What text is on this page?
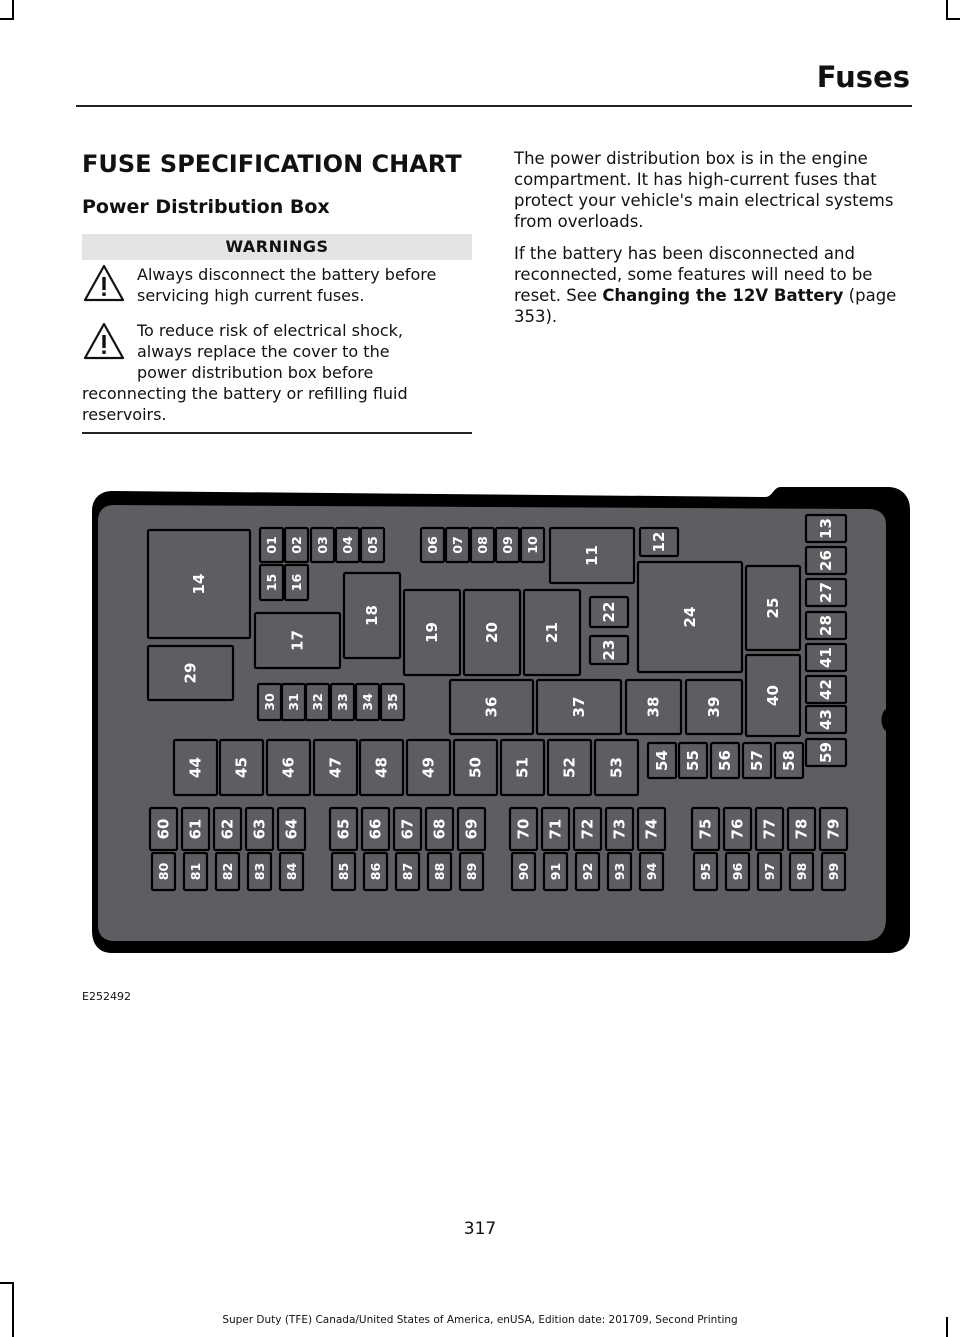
Fuses
FUSE SPECIFICATION CHART
Power Distribution Box
WARNINGS
Always disconnect the battery before
servicing high current fuses.
To reduce risk of electrical shock,
always replace the cover to the
power distribution box before
reconnecting the battery or refilling fluid
reservoirs.

The power distribution box is in the engine compartment. It has high-current fuses that protect your vehicle's main electrical systems from overloads.

If the battery has been disconnected and reconnected, some features will need to be reset. See Changing the 12V Battery (page 353).

01 02 03 04 05	06 07 08 09 10
11
12
13
14	15 16
17
18
19	20	21
22
23
24	25
26
27
28
29
30 31 32 33 34 35	36	37	38	39
40
41
42
43
44 45 46 47 48 49 50 51 52 53 54 55 56 57 58 59
60 61 62 63 64 65 66 67 68 69 70 71 72 73 74 75 76 77 78 79
80 81 82 83 84	85 86 87 88 89	90 91 92 93 94	95 96 97 98 99
E252492
317
Super Duty (TFE) Canada/United States of America, enUSA, Edition date: 201709, Second Printing
